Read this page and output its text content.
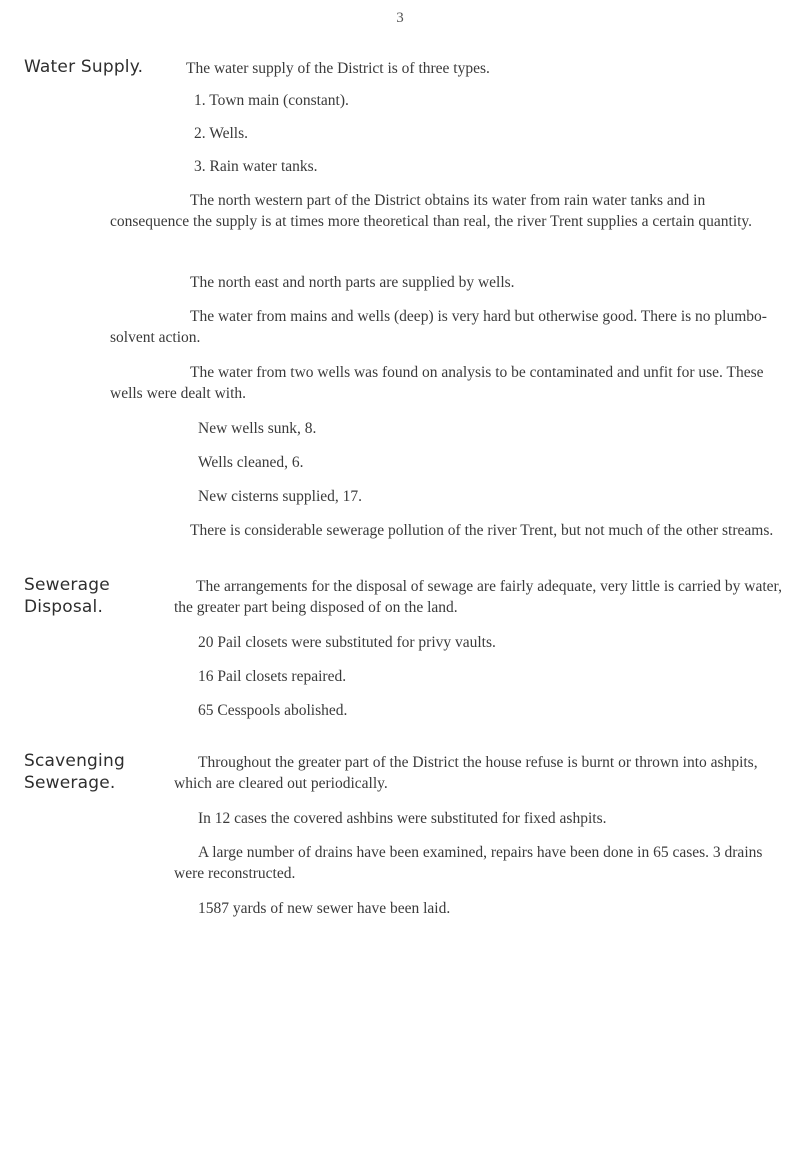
3
Water Supply.	The water supply of the District is of three types.

1. Town main (constant).

2. Wells.

3. Rain water tanks.

The north western part of the District obtains its water from rain water tanks and in consequence the supply is at times more theoretical than real, the river Trent supplies a certain quantity.

The north east and north parts are supplied by wells.

The water from mains and wells (deep) is very hard but otherwise good. There is no plumbo-solvent action.

The water from two wells was found on analysis to be contaminated and unfit for use. These wells were dealt with.

New wells sunk, 8.

Wells cleaned, 6.

New cisterns supplied, 17.

There is considerable sewerage pollution of the river Trent, but not much of the other streams.

Sewerage
Disposal.

The arrangements for the disposal of sewage are fairly adequate, very little is carried by water, the greater part being disposed of on the land.

20 Pail closets were substituted for privy vaults.

16 Pail closets repaired.

65 Cesspools abolished.

Scavenging
Sewerage.

Throughout the greater part of the District the house refuse is burnt or thrown into ashpits, which are cleared out periodically.

In 12 cases the covered ashbins were substituted for fixed ashpits.

A large number of drains have been examined, repairs have been done in 65 cases. 3 drains were reconstructed.

1587 yards of new sewer have been laid.
